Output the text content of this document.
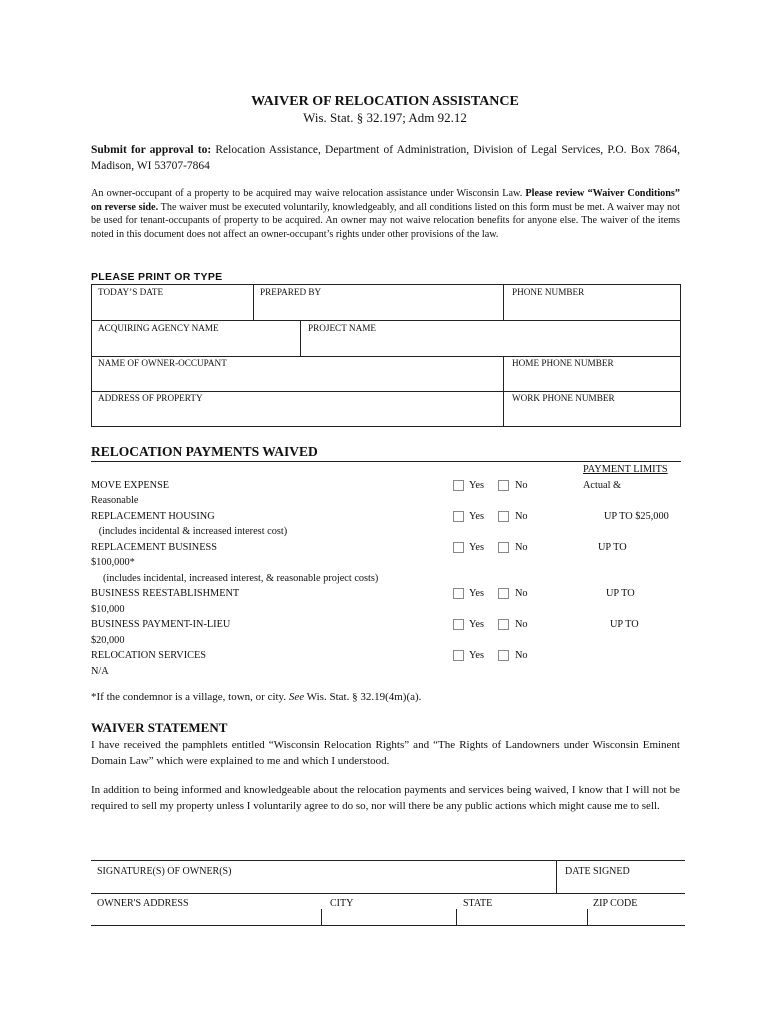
WAIVER OF RELOCATION ASSISTANCE
Wis. Stat. § 32.197; Adm 92.12
Submit for approval to: Relocation Assistance, Department of Administration, Division of Legal Services, P.O. Box 7864, Madison, WI 53707-7864
An owner-occupant of a property to be acquired may waive relocation assistance under Wisconsin Law. Please review “Waiver Conditions” on reverse side. The waiver must be executed voluntarily, knowledgeably, and all conditions listed on this form must be met. A waiver may not be used for tenant-occupants of property to be acquired. An owner may not waive relocation benefits for anyone else. The waiver of the items noted in this document does not affect an owner-occupant’s rights under other provisions of the law.
PLEASE PRINT OR TYPE
TODAY’S DATE	PREPARED BY	PHONE NUMBER
ACQUIRING AGENCY NAME	PROJECT NAME
NAME OF OWNER-OCCUPANT	HOME PHONE NUMBER
ADDRESS OF PROPERTY	WORK PHONE NUMBER
RELOCATION PAYMENTS WAIVED
PAYMENT LIMITS
MOVE EXPENSE	Yes	No	Actual &
Reasonable
REPLACEMENT HOUSING	Yes	No	UP TO $25,000
(includes incidental & increased interest cost)
REPLACEMENT BUSINESS	Yes	No	UP TO
$100,000*
(includes incidental, increased interest, & reasonable project costs)
BUSINESS REESTABLISHMENT	Yes	No	UP TO
$10,000
BUSINESS PAYMENT-IN-LIEU	Yes	No	UP TO
$20,000
RELOCATION SERVICES	Yes	No
N/A
*If the condemnor is a village, town, or city. See Wis. Stat. § 32.19(4m)(a).
WAIVER STATEMENT
I have received the pamphlets entitled “Wisconsin Relocation Rights” and “The Rights of Landowners under Wisconsin Eminent Domain Law” which were explained to me and which I understood.
In addition to being informed and knowledgeable about the relocation payments and services being waived, I know that I will not be required to sell my property unless I voluntarily agree to do so, nor will there be any public actions which might cause me to sell.
SIGNATURE(S) OF OWNER(S)	DATE SIGNED
OWNER'S ADDRESS	CITY	STATE	ZIP CODE
